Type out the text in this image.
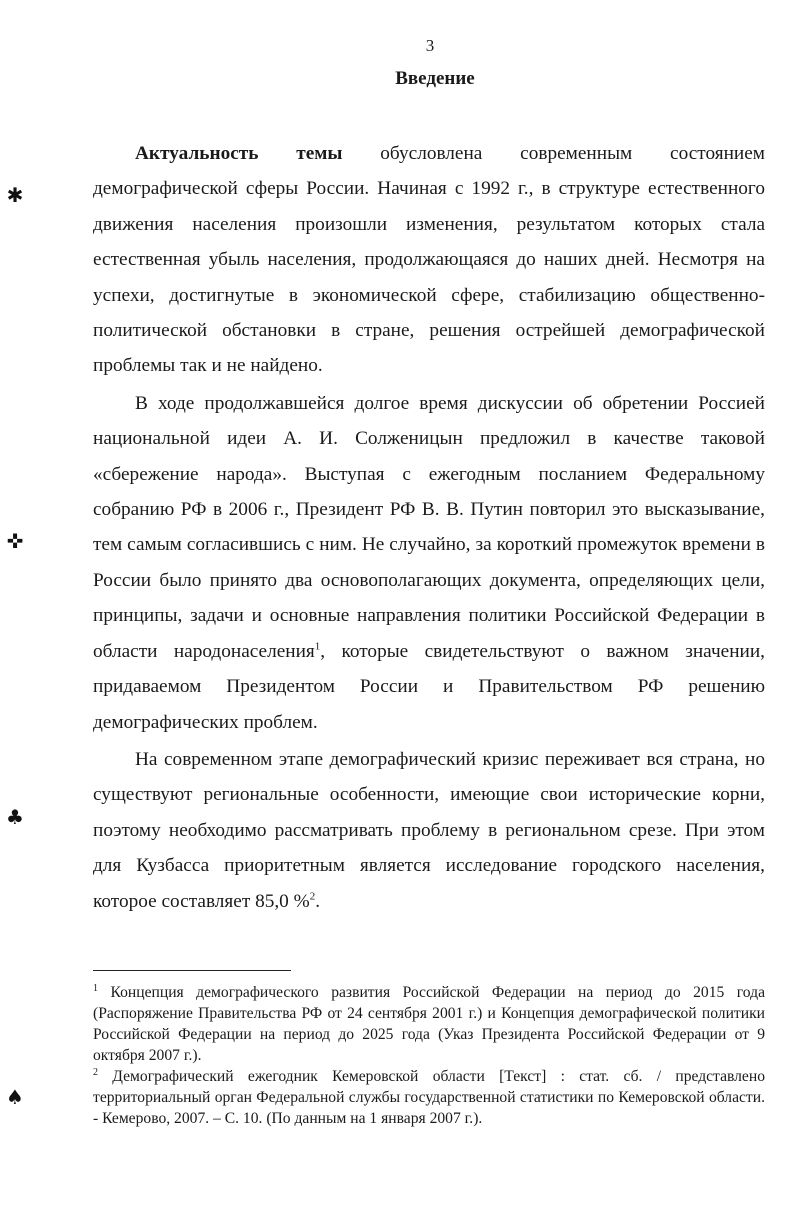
3
Введение

Актуальность темы обусловлена современным состоянием демографической сферы России. Начиная с 1992 г., в структуре естественного движения населения произошли изменения, результатом которых стала естественная убыль населения, продолжающаяся до наших дней. Несмотря на успехи, достигнутые в экономической сфере, стабилизацию общественно-политической обстановки в стране, решения острейшей демографической проблемы так и не найдено.

В ходе продолжавшейся долгое время дискуссии об обретении Россией национальной идеи А. И. Солженицын предложил в качестве таковой «сбережение народа». Выступая с ежегодным посланием Федеральному собранию РФ в 2006 г., Президент РФ В. В. Путин повторил это высказывание, тем самым согласившись с ним. Не случайно, за короткий промежуток времени в России было принято два основополагающих документа, определяющих цели, принципы, задачи и основные направления политики Российской Федерации в области народонаселения$^1$, которые свидетельствуют о важном значении, придаваемом Президентом России и Правительством РФ решению демографических проблем.

На современном этапе демографический кризис переживает вся страна, но существуют региональные особенности, имеющие свои исторические корни, поэтому необходимо рассматривать проблему в региональном срезе. При этом для Кузбасса приоритетным является исследование городского населения, которое составляет 85,0 %$^2$.

$^1$ Концепция демографического развития Российской Федерации на период до 2015 года (Распоряжение Правительства РФ от 24 сентября 2001 г.) и Концепция демографической политики Российской Федерации на период до 2025 года (Указ Президента Российской Федерации от 9 октября 2007 г.).

$^2$ Демографический ежегодник Кемеровской области [Текст] : стат. сб. / представлено территориальный орган Федеральной службы государственной статистики по Кемеровской области. - Кемерово, 2007. – С. 10. (По данным на 1 января 2007 г.).

✱
✜
♣
♠
